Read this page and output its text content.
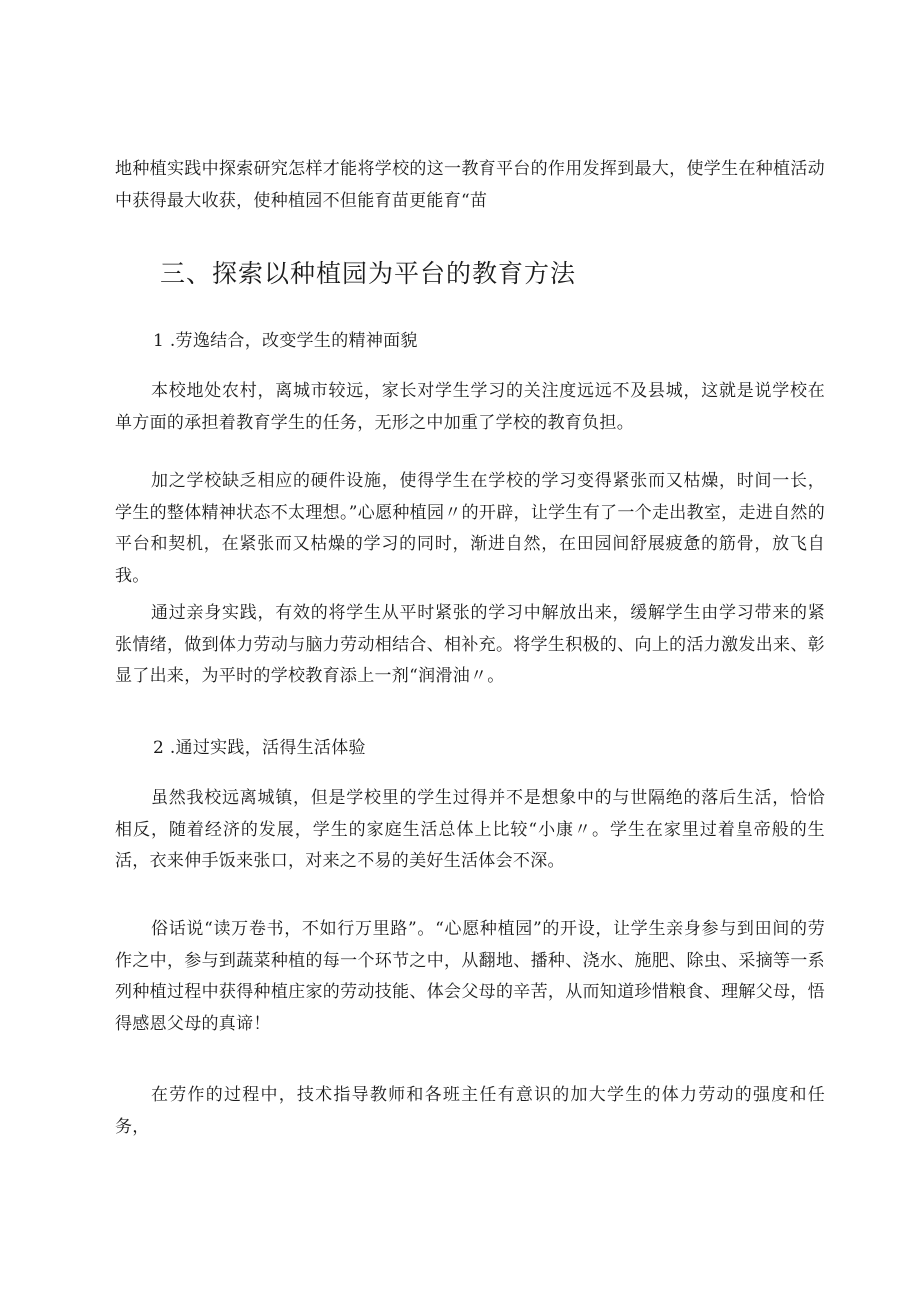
地种植实践中探索研究怎样才能将学校的这一教育平台的作用发挥到最大，使学生在种植活动中获得最大收获，使种植园不但能育苗更能育“苗

三、探索以种植园为平台的教育方法

1 .劳逸结合，改变学生的精神面貌

本校地处农村，离城市较远，家长对学生学习的关注度远远不及县城，这就是说学校在单方面的承担着教育学生的任务，无形之中加重了学校的教育负担。

加之学校缺乏相应的硬件设施，使得学生在学校的学习变得紧张而又枯燥，时间一长，学生的整体精神状态不太理想。”心愿种植园〃的开辟，让学生有了一个走出教室，走进自然的平台和契机，在紧张而又枯燥的学习的同时，渐进自然，在田园间舒展疲惫的筋骨，放飞自我。

通过亲身实践，有效的将学生从平时紧张的学习中解放出来，缓解学生由学习带来的紧张情绪，做到体力劳动与脑力劳动相结合、相补充。将学生积极的、向上的活力激发出来、彰显了出来，为平时的学校教育添上一剂“润滑油〃。

2 .通过实践，活得生活体验

虽然我校远离城镇，但是学校里的学生过得并不是想象中的与世隔绝的落后生活，恰恰相反，随着经济的发展，学生的家庭生活总体上比较“小康〃。学生在家里过着皇帝般的生活，衣来伸手饭来张口，对来之不易的美好生活体会不深。

俗话说“读万卷书，不如行万里路”。“心愿种植园”的开设，让学生亲身参与到田间的劳作之中，参与到蔬菜种植的每一个环节之中，从翻地、播种、浇水、施肥、除虫、采摘等一系列种植过程中获得种植庄家的劳动技能、体会父母的辛苦，从而知道珍惜粮食、理解父母，悟得感恩父母的真谛！

在劳作的过程中，技术指导教师和各班主任有意识的加大学生的体力劳动的强度和任务，
